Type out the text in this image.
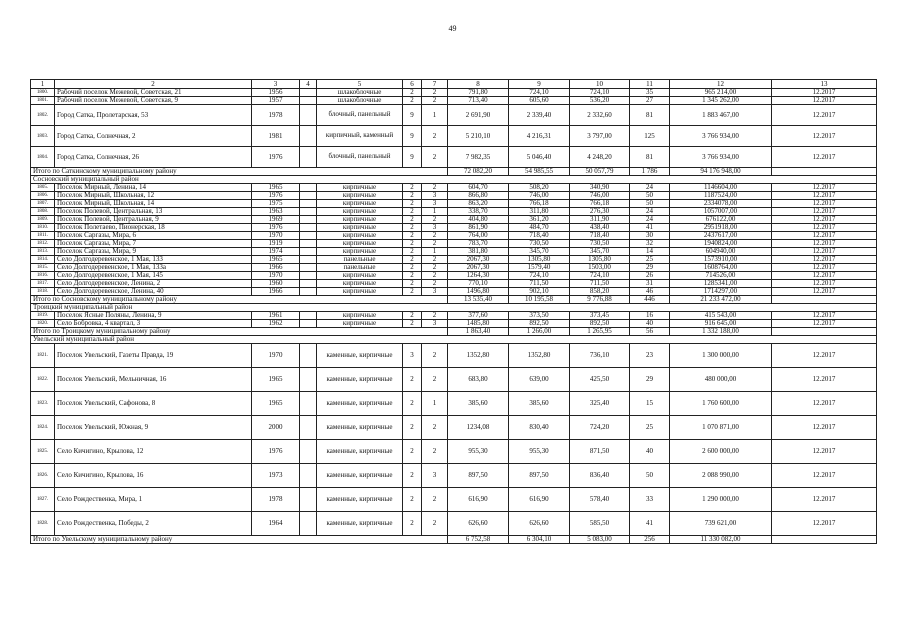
49
1	2	3	4	5	6	7	8	9	10	11	12	13
1800.	Рабочий поселок Межевой, Советская, 21	1956		шлакоблочные	2	2	791,80	724,10	724,10	35	965 214,00	12.2017
1801.	Рабочий поселок Межевой, Советская, 9	1957		шлакоблочные	2	2	713,40	605,60	536,20	27	1 345 262,00	12.2017
1802.	Город Сатка, Пролетарская, 53	1978		блочный, панельный	9	1	2 691,90	2 339,40	2 332,60	81	1 883 467,00	12.2017
1803.	Город Сатка, Солнечная, 2	1981		кирпичный, каменный	9	2	5 210,10	4 216,31	3 797,00	125	3 766 934,00	12.2017
1804.	Город Сатка, Солнечная, 26	1976		блочный, панельный	9	2	7 982,35	5 046,40	4 248,20	81	3 766 934,00	12.2017
Итого по Саткинскому муниципальному району							72 082,20	54 985,55	50 057,79	1 786	94 176 948,00	
Сосновский муниципальный район												
1805.	Поселок Мирный, Ленина, 14	1965		кирпичные	2	2	604,70	508,20	340,90	24	1146604,00	12.2017
1806.	Поселок Мирный, Школьная, 12	1976		кирпичные	2	3	866,80	746,00	746,00	50	1187524,00	12.2017
1807.	Поселок Мирный, Школьная, 14	1975		кирпичные	2	3	863,20	766,18	766,18	50	2334078,00	12.2017
1808.	Поселок Полевой, Центральная, 13	1963		кирпичные	2	1	338,70	311,80	276,30	24	1057007,00	12.2017
1809.	Поселок Полевой, Центральная, 9	1969		кирпичные	2	2	404,80	361,20	311,90	24	676122,00	12.2017
1810.	Поселок Полетаево, Пионерская, 18	1976		кирпичные	2	3	861,90	484,70	438,40	41	2951918,00	12.2017
1811.	Поселок Саргазы, Мира, 6	1970		кирпичные	2	2	764,00	718,40	718,40	30	2437617,00	12.2017
1812.	Поселок Саргазы, Мира, 7	1919		кирпичные	2	2	783,70	730,50	730,50	32	1940824,00	12.2017
1813.	Поселок Саргазы, Мира, 9	1974		кирпичные	2	1	381,80	345,70	345,70	14	604940,00	12.2017
1814.	Село Долгодеревенское, 1 Мая, 133	1965		панельные	2	2	2067,30	1305,80	1305,80	25	1573910,00	12.2017
1815.	Село Долгодеревенское, 1 Мая, 133а	1966		панельные	2	2	2067,30	1579,40	1503,00	29	1608764,00	12.2017
1816.	Село Долгодеревенское, 1 Мая, 145	1970		кирпичные	2	2	1264,30	724,10	724,10	26	714526,00	12.2017
1817.	Село Долгодеревенское, Ленина, 2	1960		кирпичные	2	2	770,10	711,50	711,50	31	1285341,00	12.2017
1818.	Село Долгодеревенское, Ленина, 40	1966		кирпичные	2	3	1496,80	902,10	858,20	46	1714297,00	12.2017
Итого по Сосновскому муниципальному району							13 535,40	10 195,58	9 776,88	446	21 233 472,00	
Троицкий муниципальный район												
1819.	Поселок Ясные Поляны, Ленина, 9	1961		кирпичные	2	2	377,60	373,50	373,45	16	415 543,00	12.2017
1820.	Село Бобровка, 4 квартал, 3	1962		кирпичные	2	3	1485,80	892,50	892,50	40	916 645,00	12.2017
Итого по Троицкому муниципальному району							1 863,40	1 266,00	1 265,95	56	1 332 188,00	
Увельский муниципальный район												
1821.	Поселок Увельский, Газеты Правда, 19	1970		каменные, кирпичные	3	2	1352,80	1352,80	736,10	23	1 300 000,00	12.2017
1822.	Поселок Увельский, Мельничная, 16	1965		каменные, кирпичные	2	2	683,80	639,00	425,50	29	480 000,00	12.2017
1823.	Поселок Увельский, Сафонова, 8	1965		каменные, кирпичные	2	1	385,60	385,60	325,40	15	1 760 600,00	12.2017
1824.	Поселок Увельский, Южная, 9	2000		каменные, кирпичные	2	2	1234,08	830,40	724,20	25	1 070 871,00	12.2017
1825.	Село Кичигино, Крылова, 12	1976		каменные, кирпичные	2	2	955,30	955,30	871,50	40	2 600 000,00	12.2017
1826.	Село Кичигино, Крылова, 16	1973		каменные, кирпичные	2	3	897,50	897,50	836,40	50	2 088 990,00	12.2017
1827.	Село Рождественка, Мира, 1	1978		каменные, кирпичные	2	2	616,90	616,90	578,40	33	1 290 000,00	12.2017
1828.	Село Рождественка, Победы, 2	1964		каменные, кирпичные	2	2	626,60	626,60	585,50	41	739 621,00	12.2017
Итого по Увельскому муниципальному району							6 752,58	6 304,10	5 083,00	256	11 330 082,00	
